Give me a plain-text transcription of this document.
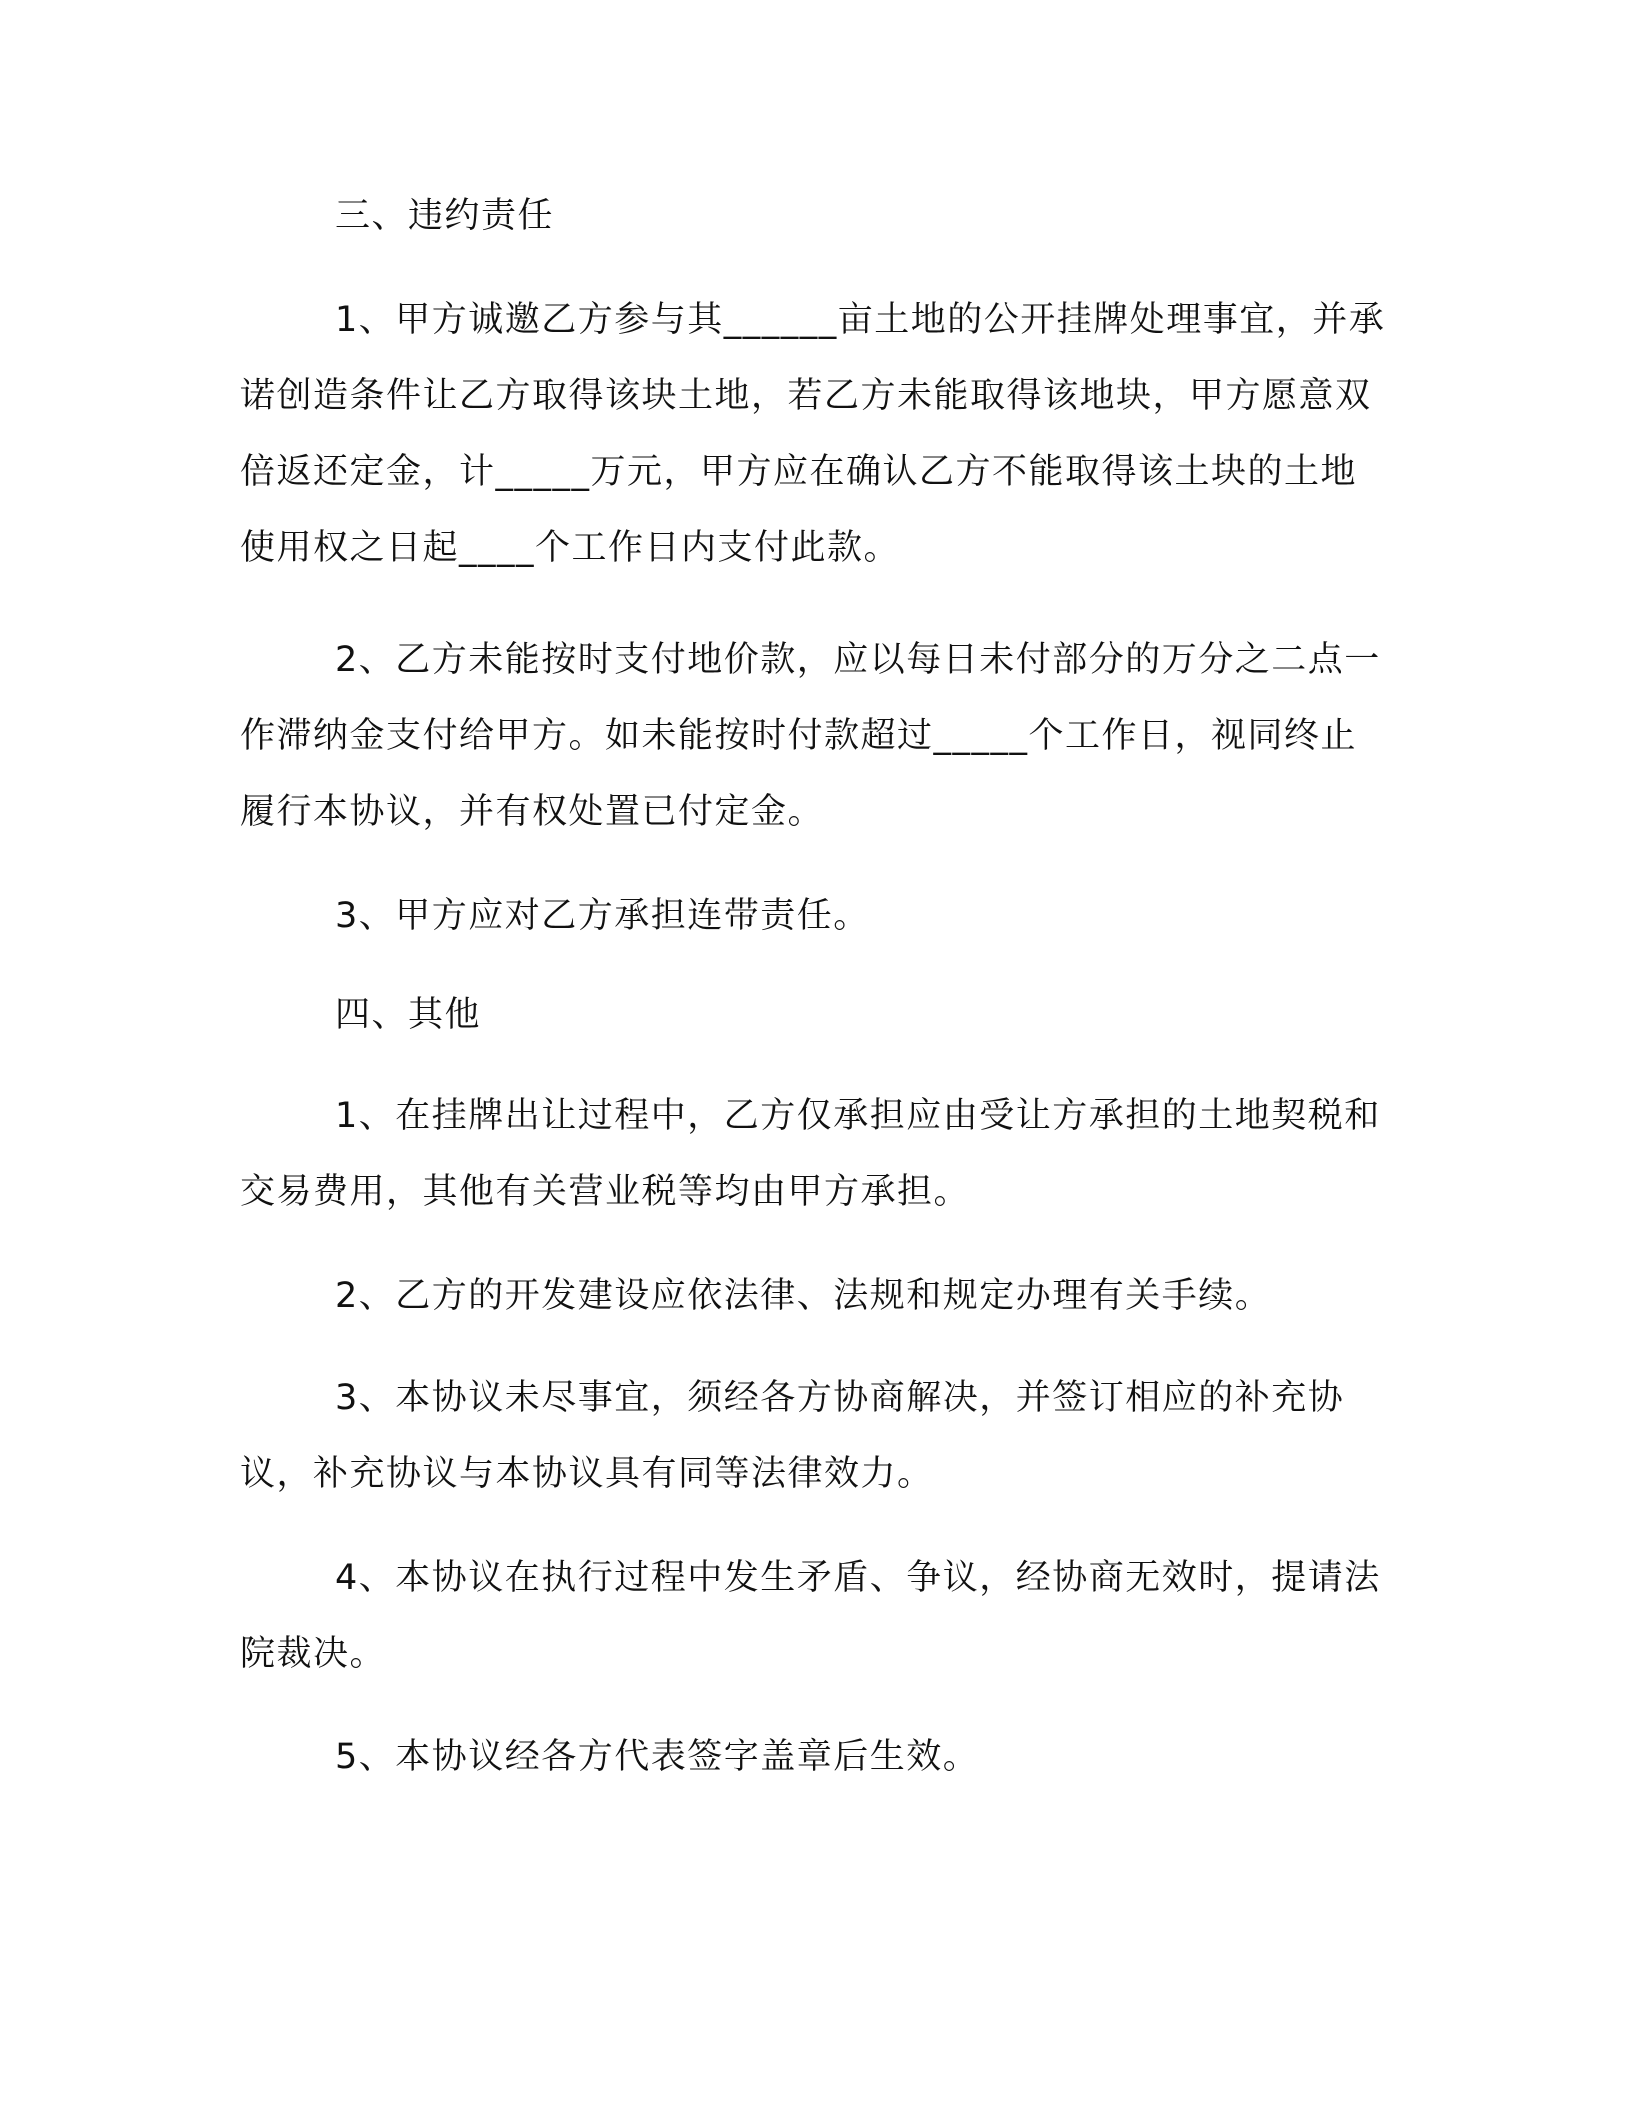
三、违约责任

1、甲方诚邀乙方参与其______亩土地的公开挂牌处理事宜，并承诺创造条件让乙方取得该块土地，若乙方未能取得该地块，甲方愿意双倍返还定金，计_____万元，甲方应在确认乙方不能取得该土块的土地使用权之日起____个工作日内支付此款。

2、乙方未能按时支付地价款，应以每日未付部分的万分之二点一作滞纳金支付给甲方。如未能按时付款超过_____个工作日，视同终止履行本协议，并有权处置已付定金。

3、甲方应对乙方承担连带责任。

四、其他

1、在挂牌出让过程中，乙方仅承担应由受让方承担的土地契税和交易费用，其他有关营业税等均由甲方承担。

2、乙方的开发建设应依法律、法规和规定办理有关手续。

3、本协议未尽事宜，须经各方协商解决，并签订相应的补充协议，补充协议与本协议具有同等法律效力。

4、本协议在执行过程中发生矛盾、争议，经协商无效时，提请法院裁决。

5、本协议经各方代表签字盖章后生效。
